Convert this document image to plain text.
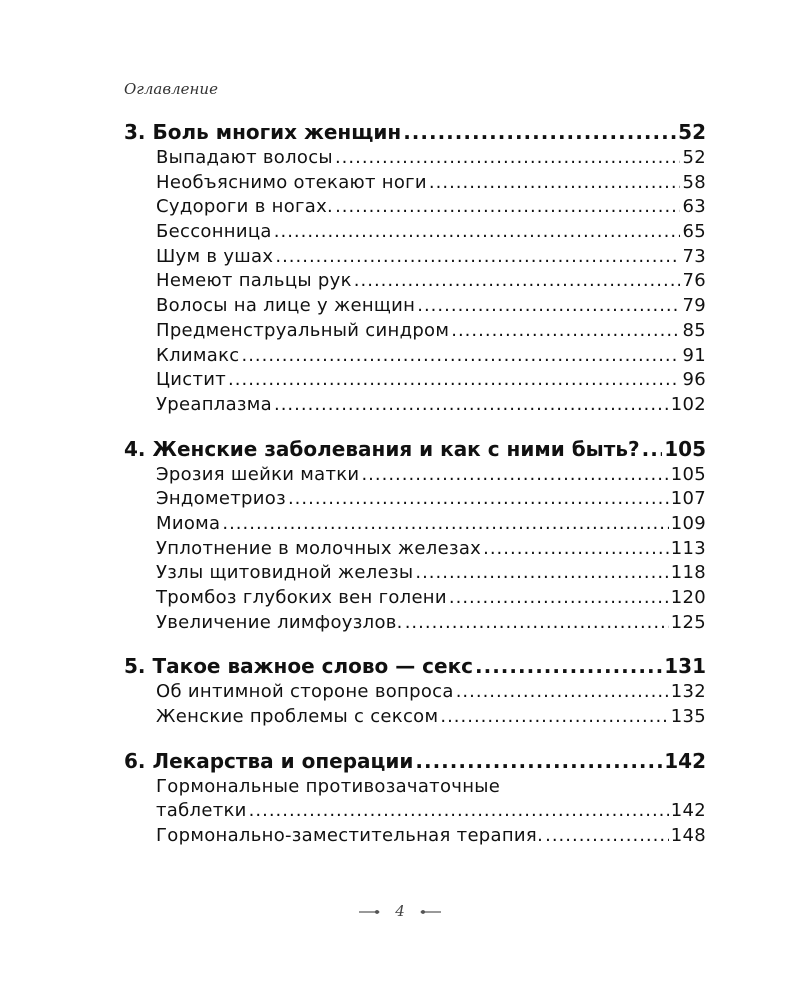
Оглавление
3. Боль многих женщин .....	52
Выпадают волосы .....	52
Необъяснимо отекают ноги .....	58
Судороги в ногах. .....	63
Бессонница .....	65
Шум в ушах .....	73
Немеют пальцы рук .....	76
Волосы на лице у женщин .....	79
Предменструальный синдром .....	85
Климакс .....	91
Цистит .....	96
Уреаплазма .....	102
4. Женские заболевания и как с ними быть? ..... 105
Эрозия шейки матки .....	105
Эндометриоз .....	107
Миома .....	109
Уплотнение в молочных железах .....	113
Узлы щитовидной железы .....	118
Тромбоз глубоких вен голени .....	120
Увеличение лимфоузлов. .....	125
5. Такое важное слово — секс .....	131
Об интимной стороне вопроса .....	132
Женские проблемы с сексом .....	135
6. Лекарства и операции .....	142
Гормональные противозачаточные
таблетки .....	142
Гормонально-заместительная терапия. .....	148
4
